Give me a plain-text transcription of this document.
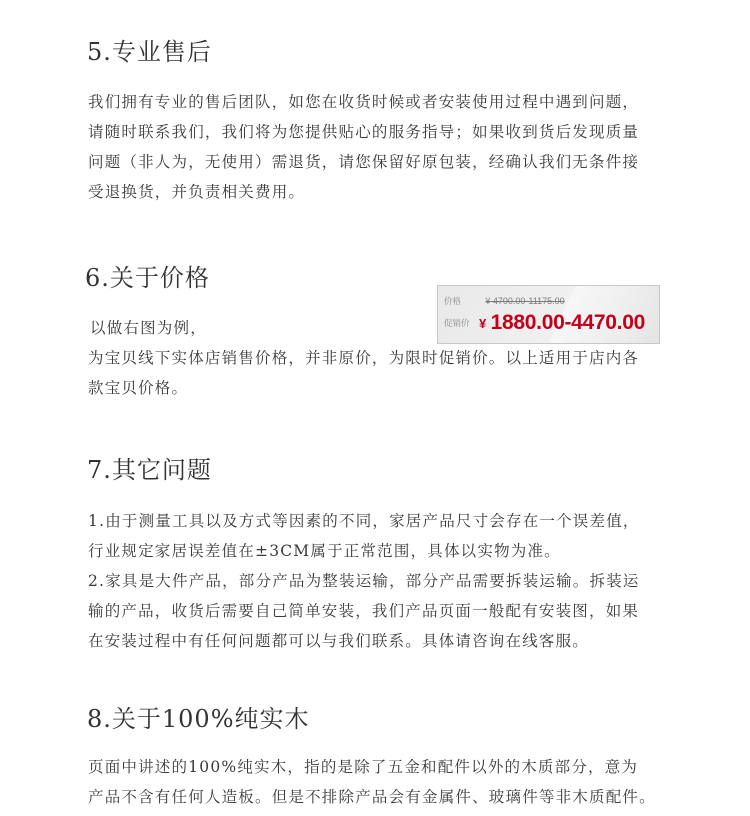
5.专业售后
我们拥有专业的售后团队，如您在收货时候或者安装使用过程中遇到问题，
请随时联系我们，我们将为您提供贴心的服务指导；如果收到货后发现质量
问题（非人为，无使用）需退货，请您保留好原包装，经确认我们无条件接
受退换货，并负责相关费用。
6.关于价格
以做右图为例，
为宝贝线下实体店销售价格，并非原价，为限时促销价。以上适用于店内各
款宝贝价格。
价格	¥ 4700.00-11175.00
促销价 ¥ 1880.00-4470.00
7.其它问题
1.由于测量工具以及方式等因素的不同，家居产品尺寸会存在一个误差值，
行业规定家居误差值在±3CM属于正常范围，具体以实物为准。
2.家具是大件产品，部分产品为整装运输，部分产品需要拆装运输。拆装运
输的产品，收货后需要自己简单安装，我们产品页面一般配有安装图，如果
在安装过程中有任何问题都可以与我们联系。具体请咨询在线客服。
8.关于100%纯实木
页面中讲述的100%纯实木，指的是除了五金和配件以外的木质部分，意为
产品不含有任何人造板。但是不排除产品会有金属件、玻璃件等非木质配件。
